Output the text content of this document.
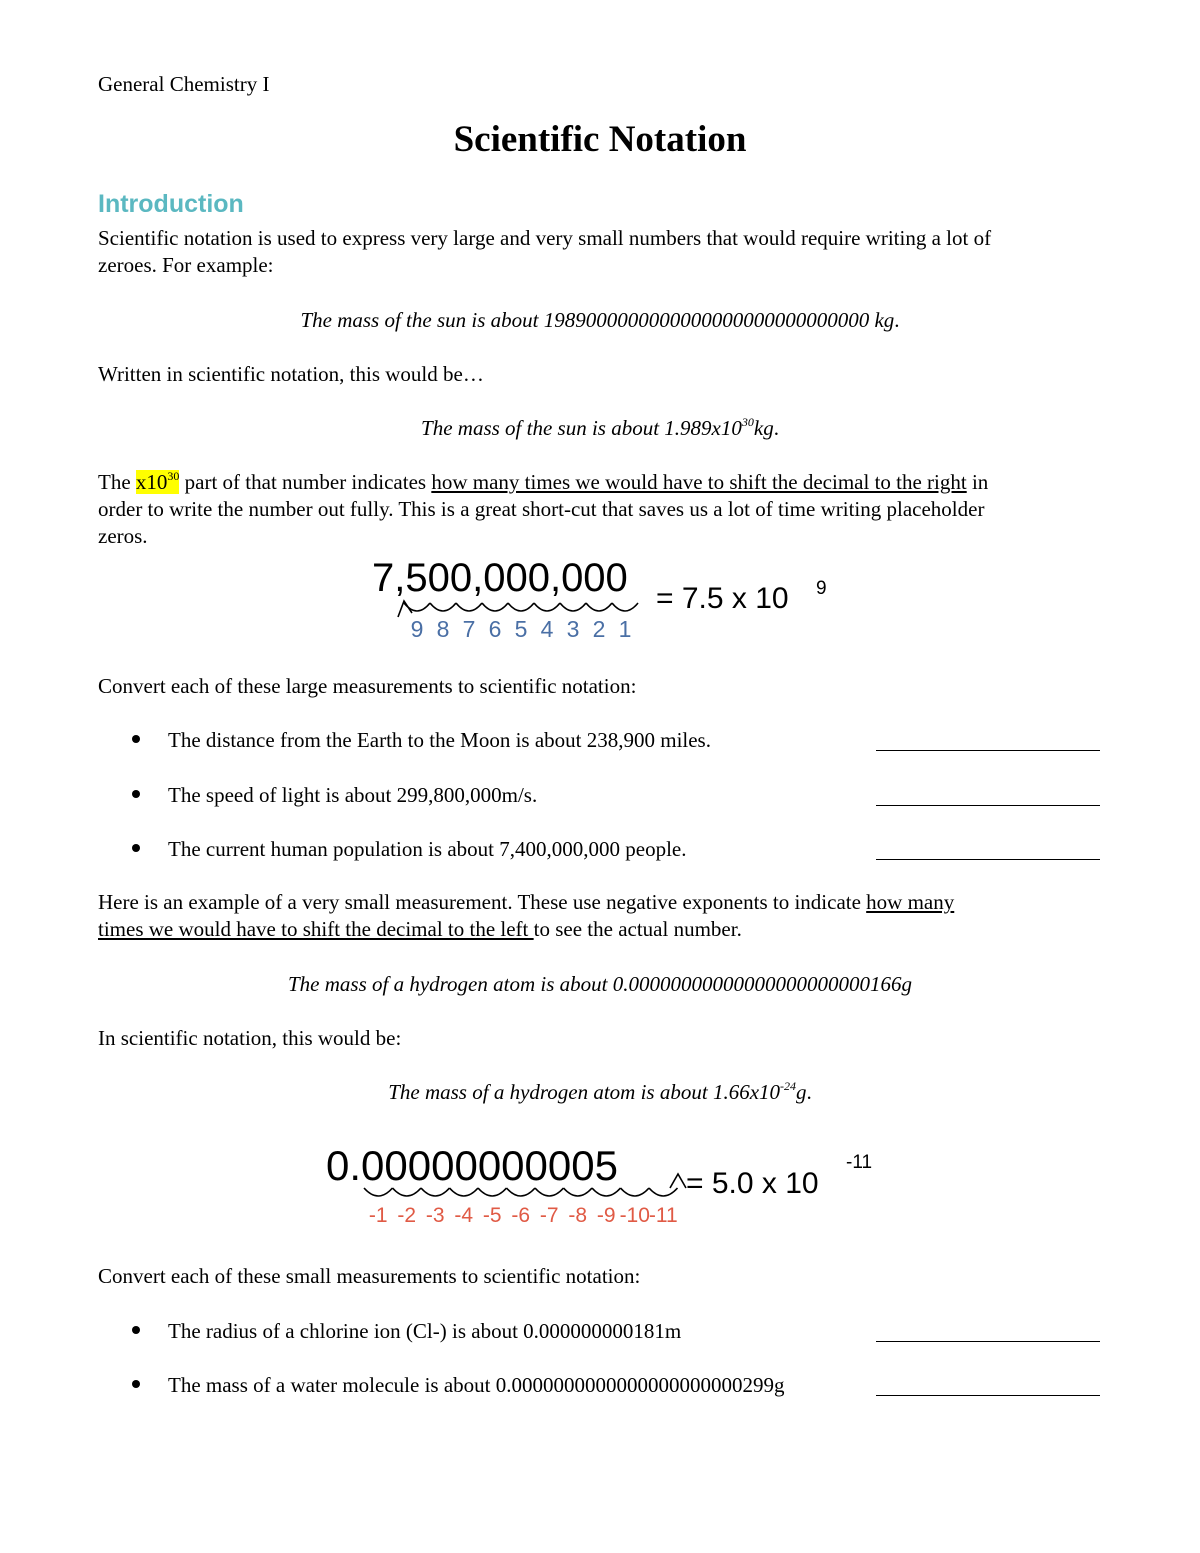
General Chemistry I
Scientific Notation
Introduction
Scientific notation is used to express very large and very small numbers that would require writing a lot of
zeroes. For example:
The mass of the sun is about 1989000000000000000000000000000 kg.
Written in scientific notation, this would be…
The mass of the sun is about $1.989x10^{30}kg$.
The $x10^{30}$ part of that number indicates how many times we would have to shift the decimal to the right in
order to write the number out fully. This is a great short-cut that saves us a lot of time writing placeholder
zeros.
7,500,000,000 = 7.5 x 10 9
9 8 7 6 5 4 3 2 1
Convert each of these large measurements to scientific notation:
The distance from the Earth to the Moon is about 238,900 miles.
The speed of light is about 299,800,000m/s.
The current human population is about 7,400,000,000 people.
Here is an example of a very small measurement. These use negative exponents to indicate how many
times we would have to shift the decimal to the left to see the actual number.
The mass of a hydrogen atom is about 0.00000000000000000000000166g
In scientific notation, this would be:
The mass of a hydrogen atom is about $1.66x10^{-24}g$.
0.00000000005 = 5.0 x 10
-11
-1 -2 -3 -4 -5 -6 -7 -8 -9 -10
-11
Convert each of these small measurements to scientific notation:
The radius of a chlorine ion (Cl-) is about 0.000000000181m
The mass of a water molecule is about 0.0000000000000000000000299g
